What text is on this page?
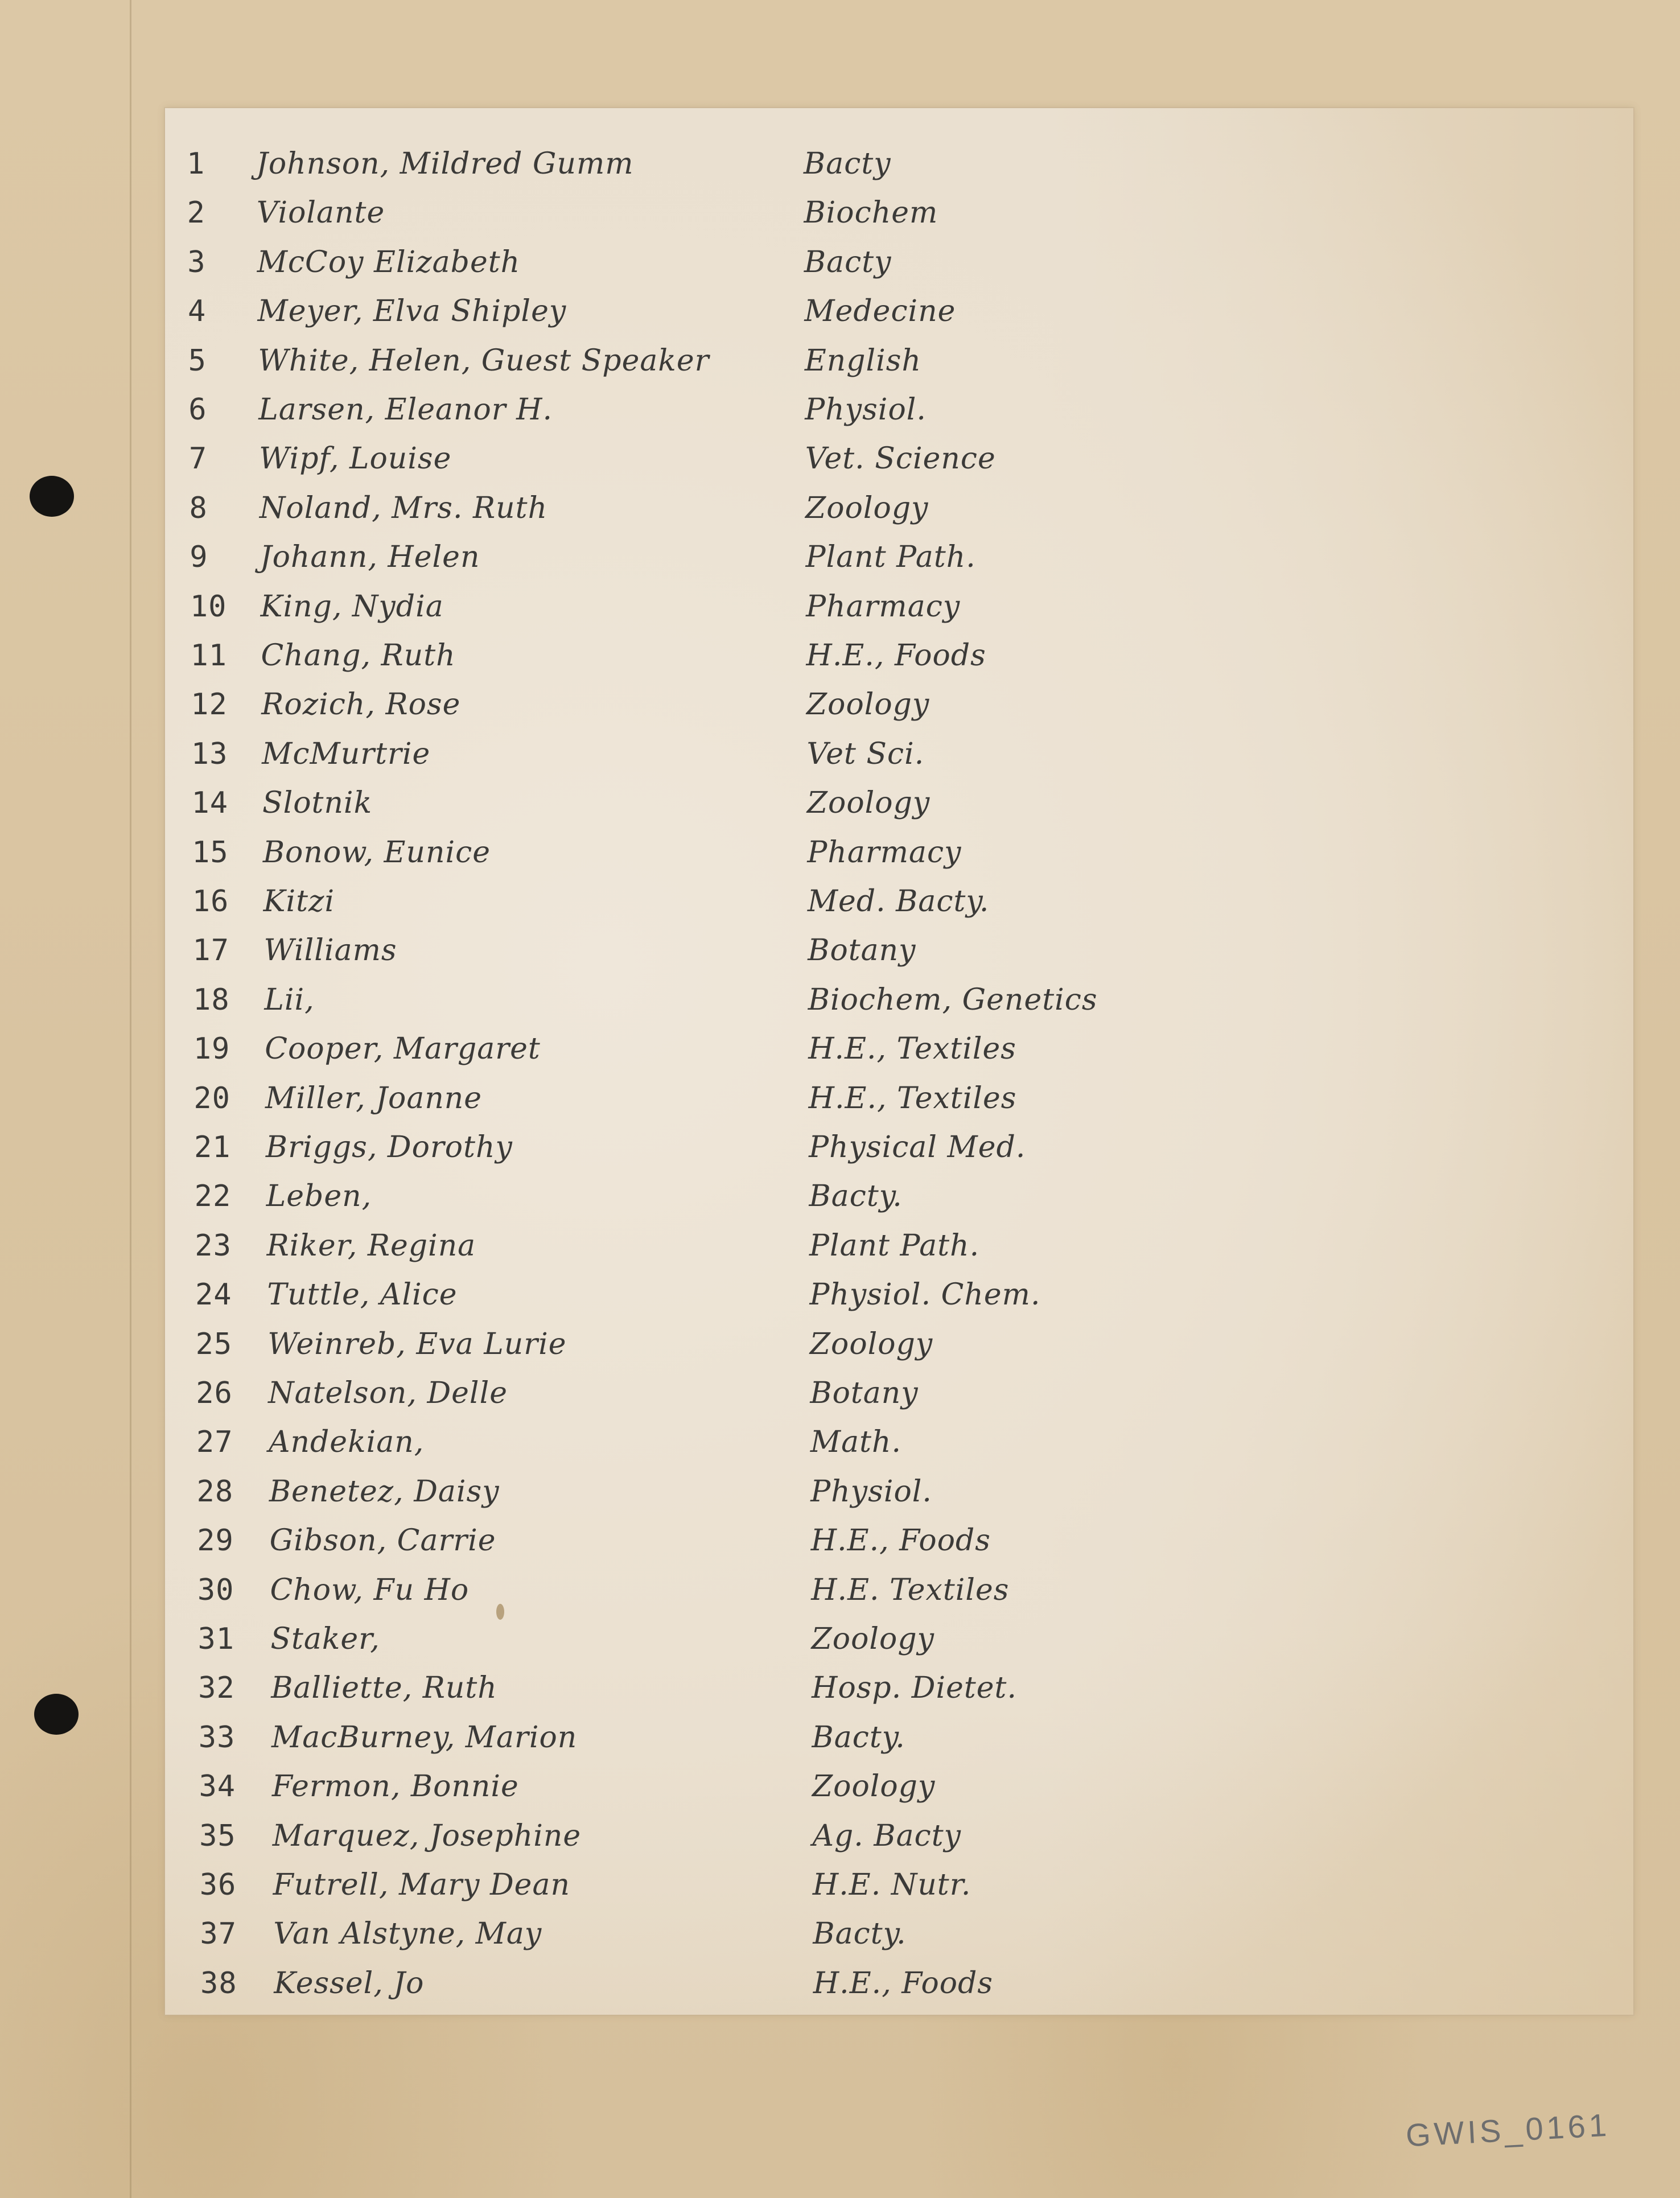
1	Johnson, Mildred Gumm	Bacty
2	Violante	Biochem
3	McCoy Elizabeth	Bacty
4	Meyer, Elva Shipley	Medecine
5	White, Helen, Guest Speaker	English
6	Larsen, Eleanor H.	Physiol.
7	Wipf, Louise	Vet. Science
8	Noland, Mrs. Ruth	Zoology
9	Johann, Helen	Plant Path.
10	King, Nydia	Pharmacy
11	Chang, Ruth	H.E., Foods
12	Rozich, Rose	Zoology
13	McMurtrie	Vet Sci.
14	Slotnik	Zoology
15	Bonow, Eunice	Pharmacy
16	Kitzi	Med. Bacty.
17	Williams	Botany
18	Lii,	Biochem, Genetics
19	Cooper, Margaret	H.E., Textiles
20	Miller, Joanne	H.E., Textiles
21	Briggs, Dorothy	Physical Med.
22	Leben,	Bacty.
23	Riker, Regina	Plant Path.
24	Tuttle, Alice	Physiol. Chem.
25	Weinreb, Eva Lurie	Zoology
26	Natelson, Delle	Botany
27	Andekian,	Math.
28	Benetez, Daisy	Physiol.
29	Gibson, Carrie	H.E., Foods
30	Chow, Fu Ho	H.E. Textiles
31	Staker,	Zoology
32	Balliette, Ruth	Hosp. Dietet.
33	MacBurney, Marion	Bacty.
34	Fermon, Bonnie	Zoology
35	Marquez, Josephine	Ag. Bacty
36	Futrell, Mary Dean	H.E. Nutr.
37	Van Alstyne, May	Bacty.
38	Kessel, Jo	H.E., Foods
GWIS_0161
